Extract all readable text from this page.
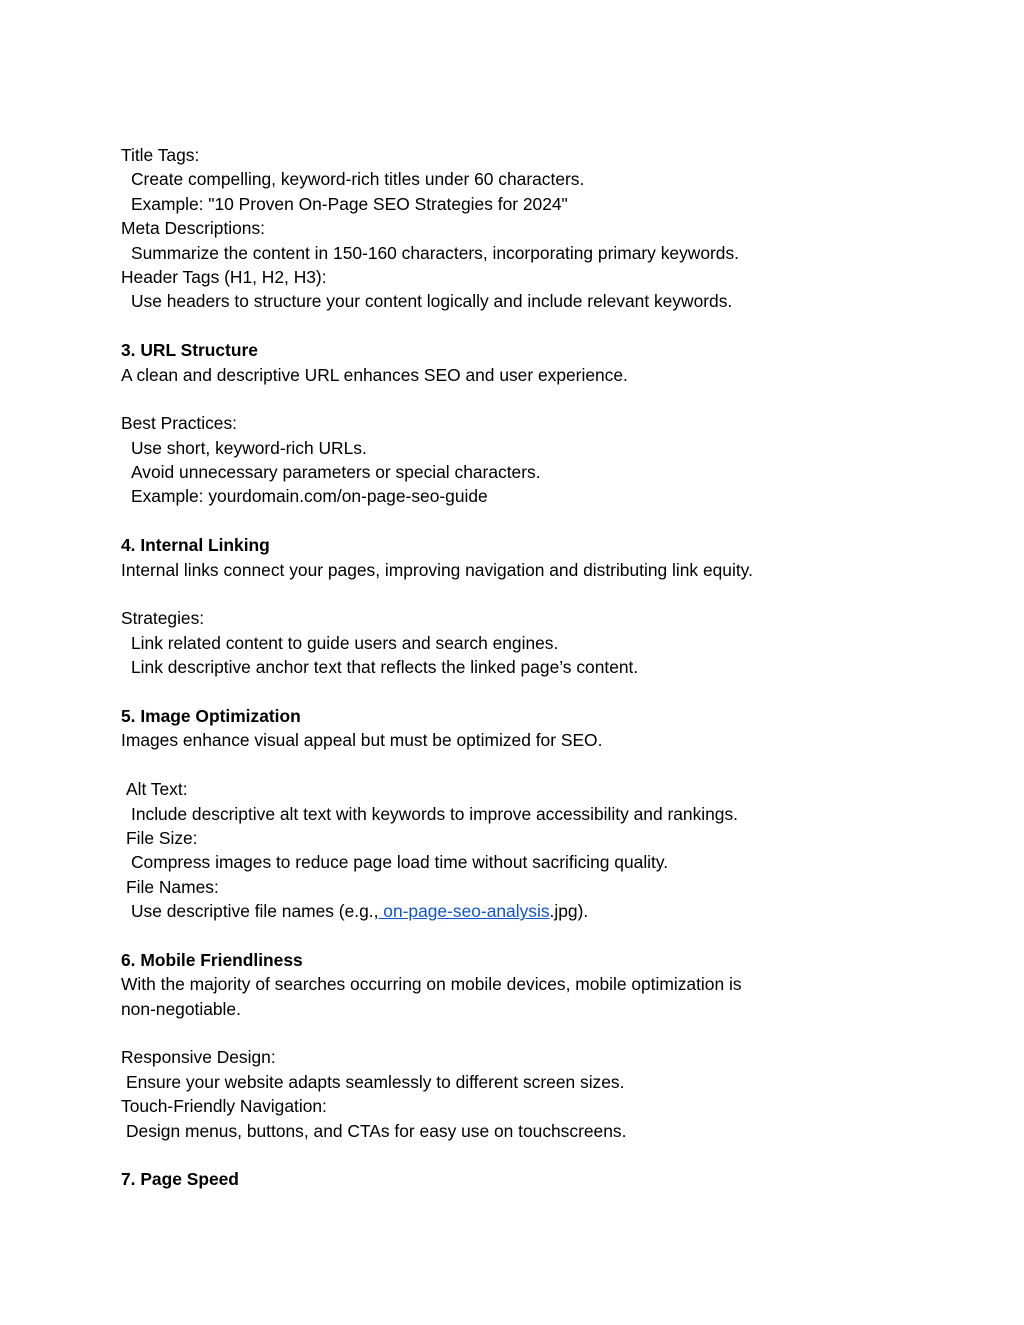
Title Tags:
Create compelling, keyword-rich titles under 60 characters.
Example: "10 Proven On-Page SEO Strategies for 2024"
Meta Descriptions:
Summarize the content in 150-160 characters, incorporating primary keywords.
Header Tags (H1, H2, H3):
Use headers to structure your content logically and include relevant keywords.
3. URL Structure
A clean and descriptive URL enhances SEO and user experience.
Best Practices:
Use short, keyword-rich URLs.
Avoid unnecessary parameters or special characters.
Example: yourdomain.com/on-page-seo-guide
4. Internal Linking
Internal links connect your pages, improving navigation and distributing link equity.
Strategies:
Link related content to guide users and search engines.
Link descriptive anchor text that reflects the linked page’s content.
5. Image Optimization
Images enhance visual appeal but must be optimized for SEO.
Alt Text:
Include descriptive alt text with keywords to improve accessibility and rankings.
File Size:
Compress images to reduce page load time without sacrificing quality.
File Names:
Use descriptive file names (e.g., on-page-seo-analysis.jpg).
6. Mobile Friendliness
With the majority of searches occurring on mobile devices, mobile optimization is
non-negotiable.
Responsive Design:
Ensure your website adapts seamlessly to different screen sizes.
Touch-Friendly Navigation:
Design menus, buttons, and CTAs for easy use on touchscreens.
7. Page Speed
